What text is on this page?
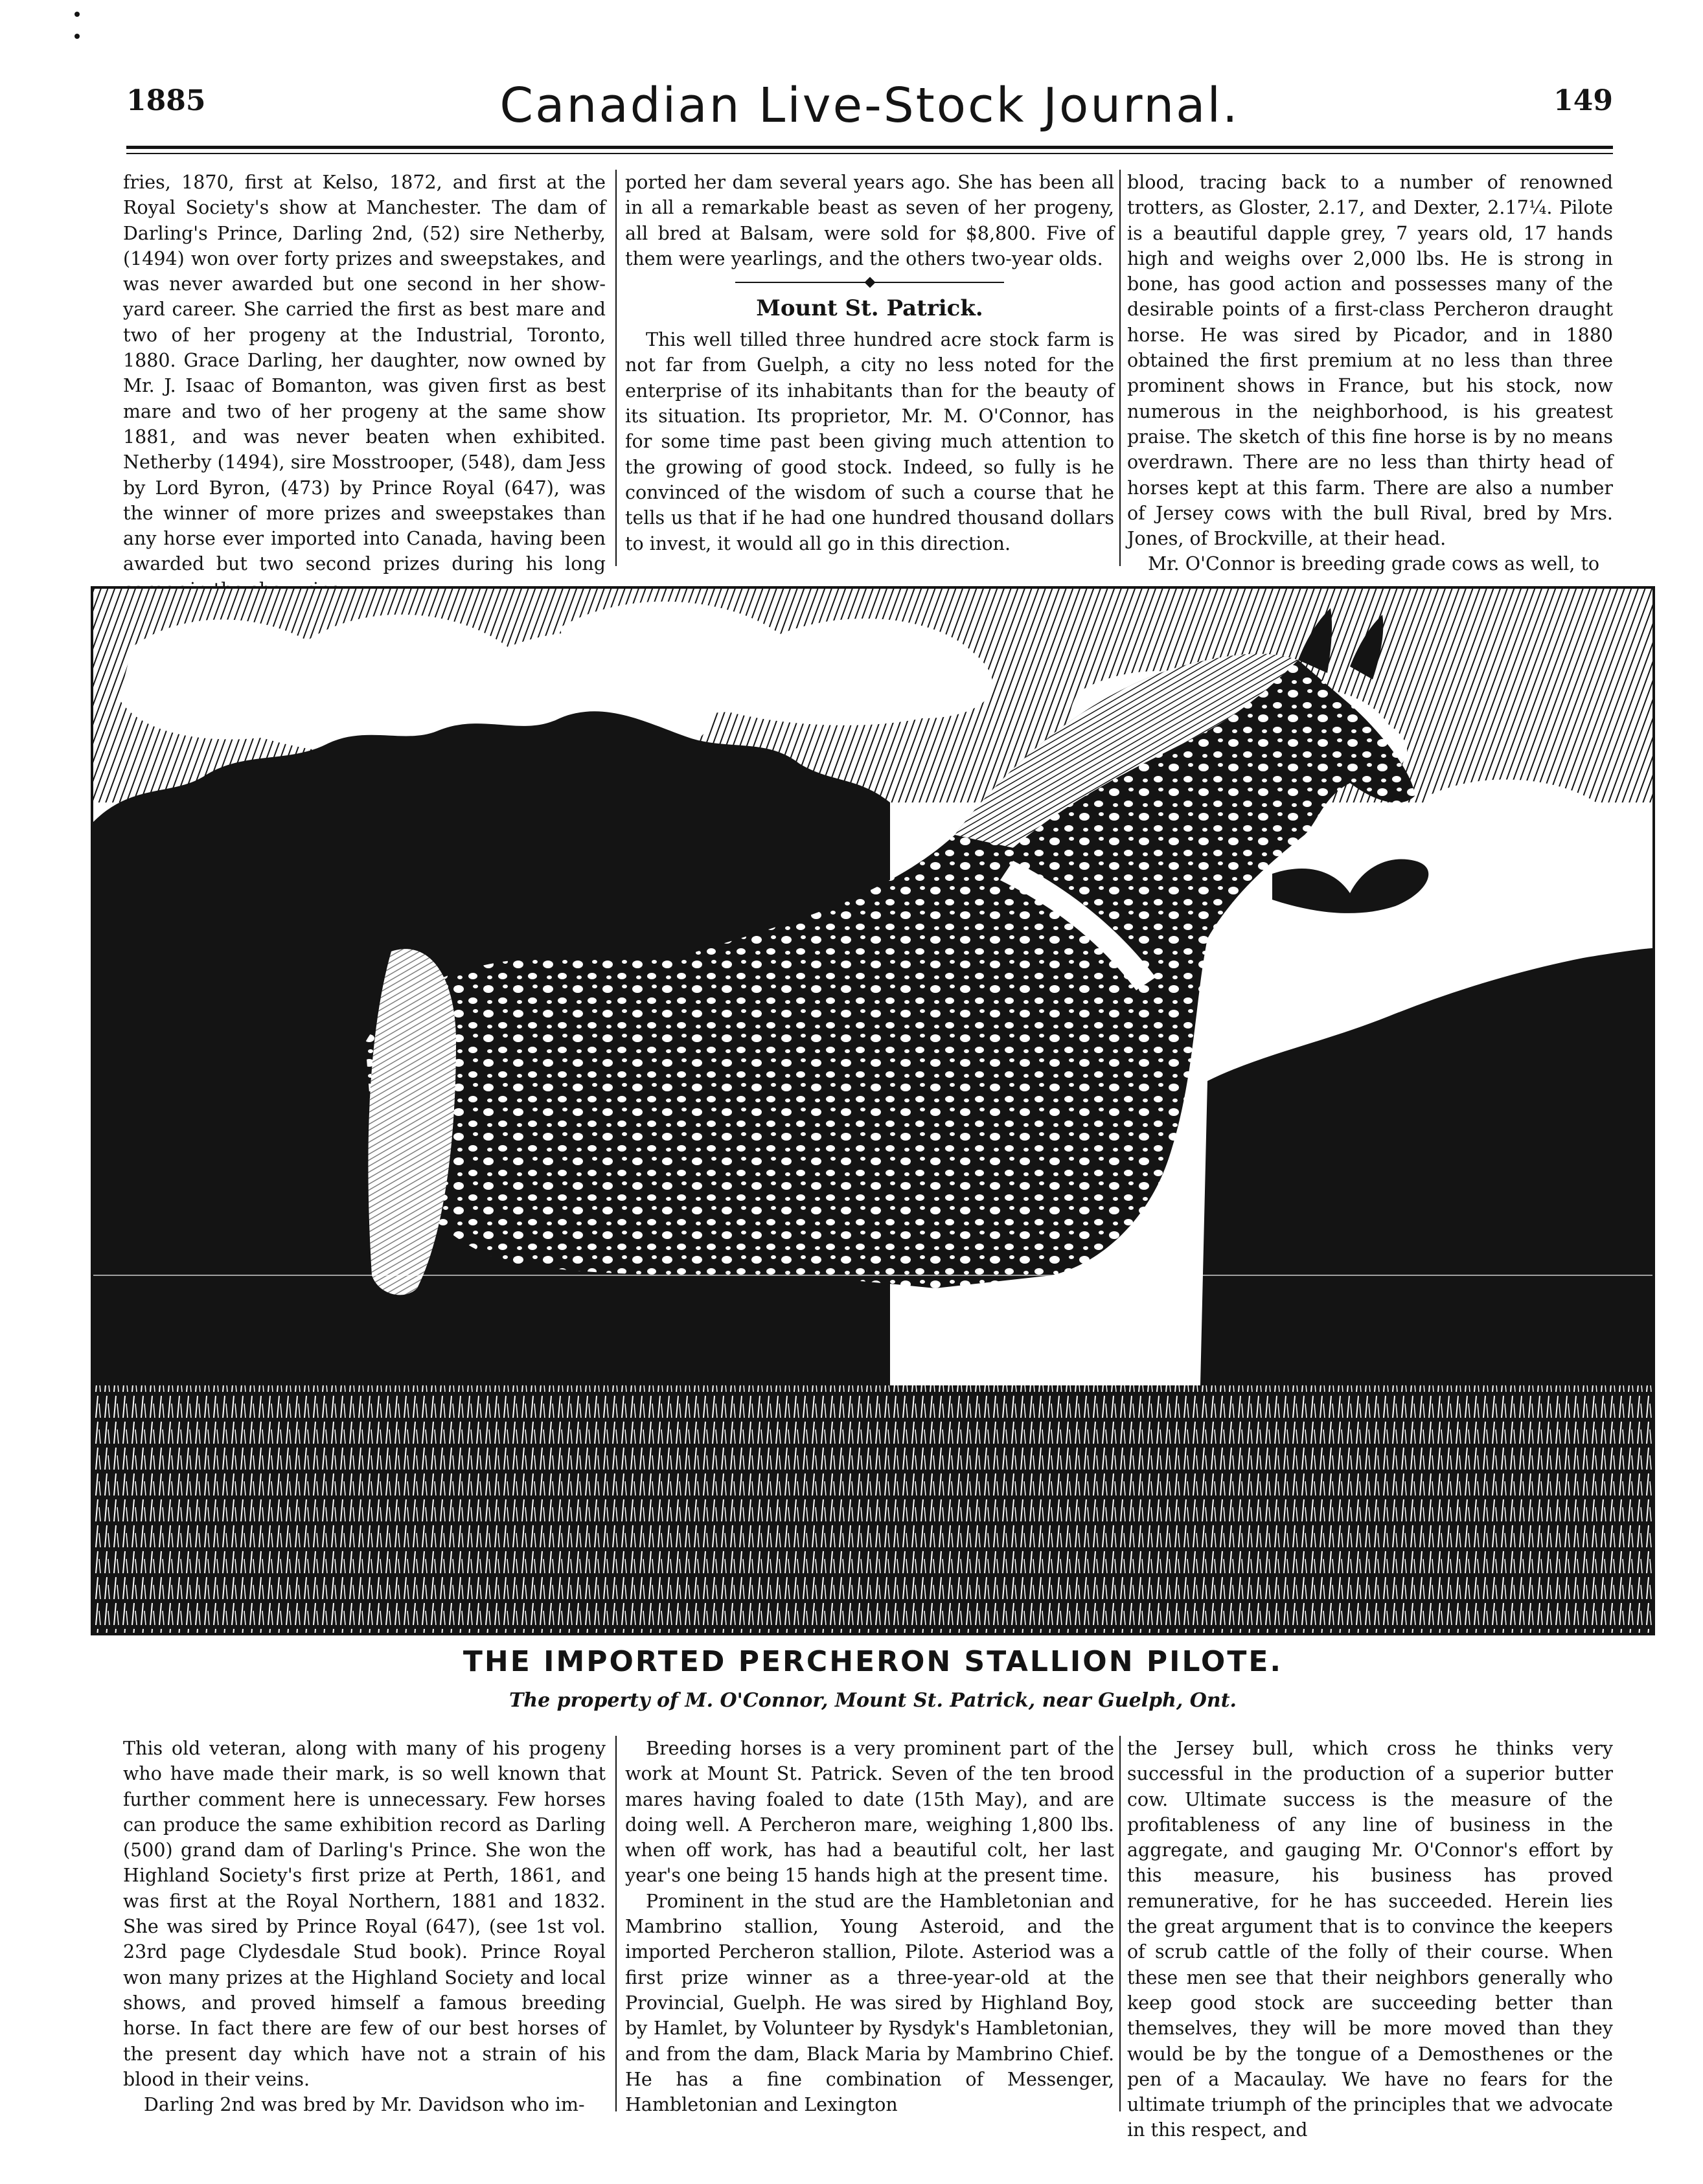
1885	Canadian Live-Stock Journal.	149

fries, 1870, first at Kelso, 1872, and first at the Royal Society's show at Manchester. The dam of Darling's Prince, Darling 2nd, (52) sire Netherby, (1494) won over forty prizes and sweepstakes, and was never awarded but one second in her show-yard career. She carried the first as best mare and two of her progeny at the Industrial, Toronto, 1880. Grace Darling, her daughter, now owned by Mr. J. Isaac of Bomanton, was given first as best mare and two of her progeny at the same show 1881, and was never beaten when exhibited. Netherby (1494), sire Mosstrooper, (548), dam Jess by Lord Byron, (473) by Prince Royal (647), was the winner of more prizes and sweepstakes than any horse ever imported into Canada, having been awarded but two second prizes during his long

ported her dam several years ago. She has been all in all a remarkable beast as seven of her progeny, all bred at Balsam, were sold for $8,800. Five of them were yearlings, and the others two-year olds.

Mount St. Patrick.

This well tilled three hundred acre stock farm is not far from Guelph, a city no less noted for the enterprise of its inhabitants than for the beauty of its situation. Its proprietor, Mr. M. O'Connor, has for some time past been giving much attention to the growing of good stock. Indeed, so fully is he convinced of the wisdom of such a course that he tells us that if he had one hundred thousand dollars to invest, it would all go in this direction.

blood, tracing back to a number of renowned trotters, as Gloster, 2.17, and Dexter, 2.17¼. Pilote is a beautiful dapple grey, 7 years old, 17 hands high and weighs over 2,000 lbs. He is strong in bone, has good action and possesses many of the desirable points of a first-class Percheron draught horse. He was sired by Picador, and in 1880 obtained the first premium at no less than three prominent shows in France, but his stock, now numerous in the neighborhood, is his greatest praise. The sketch of this fine horse is by no means overdrawn. There are no less than thirty head of horses kept at this farm. There are also a number of Jersey cows with the bull Rival, bred by Mrs. Jones, of Brockville, at their head.

Mr. O'Connor is breeding grade cows as well, to

THE IMPORTED PERCHERON STALLION PILOTE.
The property of M. O'Connor, Mount St. Patrick, near Guelph, Ont.

This old veteran, along with many of his progeny who have made their mark, is so well known that further comment here is unnecessary. Few horses can produce the same exhibition record as Darling (500) grand dam of Darling's Prince. She won the Highland Society's first prize at Perth, 1861, and was first at the Royal Northern, 1881 and 1832. She was sired by Prince Royal (647), (see 1st vol. 23rd page Clydesdale Stud book). Prince Royal won many prizes at the Highland Society and local shows, and proved himself a famous breeding horse. In fact there are few of our best horses of the present day which have not a strain of his blood in their veins.

Darling 2nd was bred by Mr. Davidson who im-

Breeding horses is a very prominent part of the work at Mount St. Patrick. Seven of the ten brood mares having foaled to date (15th May), and are doing well. A Percheron mare, weighing 1,800 lbs. when off work, has had a beautiful colt, her last year's one being 15 hands high at the present time.

Prominent in the stud are the Hambletonian and Mambrino stallion, Young Asteroid, and the imported Percheron stallion, Pilote. Asteriod was a first prize winner as a three-year-old at the Provincial, Guelph. He was sired by Highland Boy, by Hamlet, by Volunteer by Rysdyk's Hambletonian, and from the dam, Black Maria by Mambrino Chief. He has a fine combination of Messenger, Hambletonian and Lexington

the Jersey bull, which cross he thinks very successful in the production of a superior butter cow. Ultimate success is the measure of the profitableness of any line of business in the aggregate, and gauging Mr. O'Connor's effort by this measure, his business has proved remunerative, for he has succeeded. Herein lies the great argument that is to convince the keepers of scrub cattle of the folly of their course. When these men see that their neighbors generally who keep good stock are succeeding better than themselves, they will be more moved than they would be by the tongue of a Demosthenes or the pen of a Macaulay. We have no fears for the ultimate triumph of the principles that we advocate in this respect, and
